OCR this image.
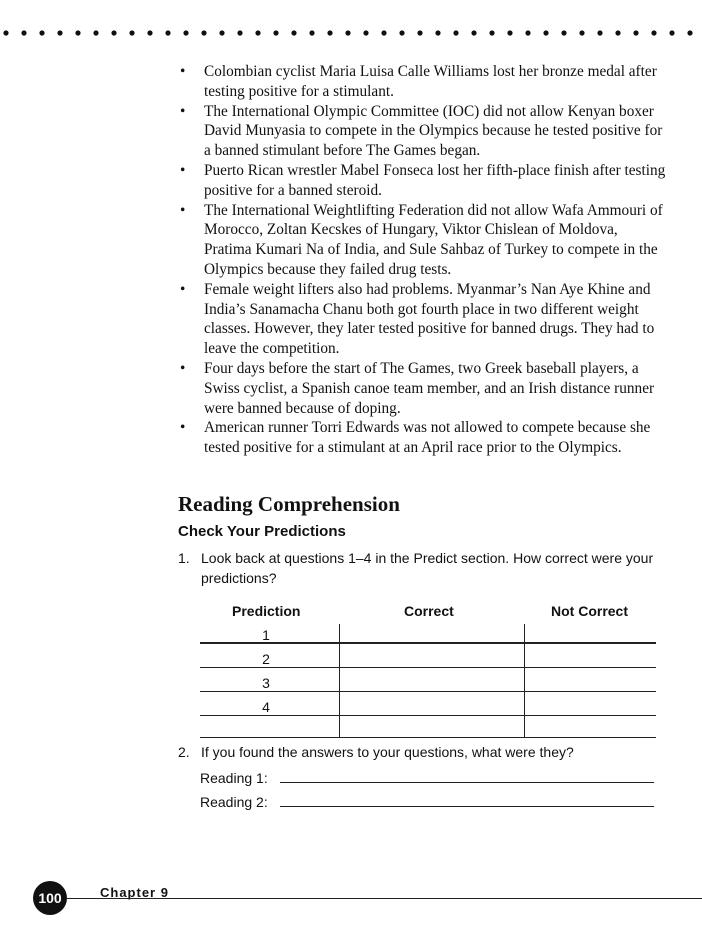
• Colombian cyclist Maria Luisa Calle Williams lost her bronze medal after testing positive for a stimulant.
• The International Olympic Committee (IOC) did not allow Kenyan boxer David Munyasia to compete in the Olympics because he tested positive for a banned stimulant before The Games began.
• Puerto Rican wrestler Mabel Fonseca lost her fifth-place finish after testing positive for a banned steroid.
• The International Weightlifting Federation did not allow Wafa Ammouri of Morocco, Zoltan Kecskes of Hungary, Viktor Chislean of Moldova, Pratima Kumari Na of India, and Sule Sahbaz of Turkey to compete in the Olympics because they failed drug tests.
• Female weight lifters also had problems. Myanmar’s Nan Aye Khine and India’s Sanamacha Chanu both got fourth place in two different weight classes. However, they later tested positive for banned drugs. They had to leave the competition.
• Four days before the start of The Games, two Greek baseball players, a Swiss cyclist, a Spanish canoe team member, and an Irish distance runner were banned because of doping.
• American runner Torri Edwards was not allowed to compete because she tested positive for a stimulant at an April race prior to the Olympics.
Reading Comprehension
Check Your Predictions
1. Look back at questions 1–4 in the Predict section. How correct were your predictions?
Prediction	Correct	Not Correct
1
2
3
4
2. If you found the answers to your questions, what were they?
Reading 1:
Reading 2:
100	Chapter 9
